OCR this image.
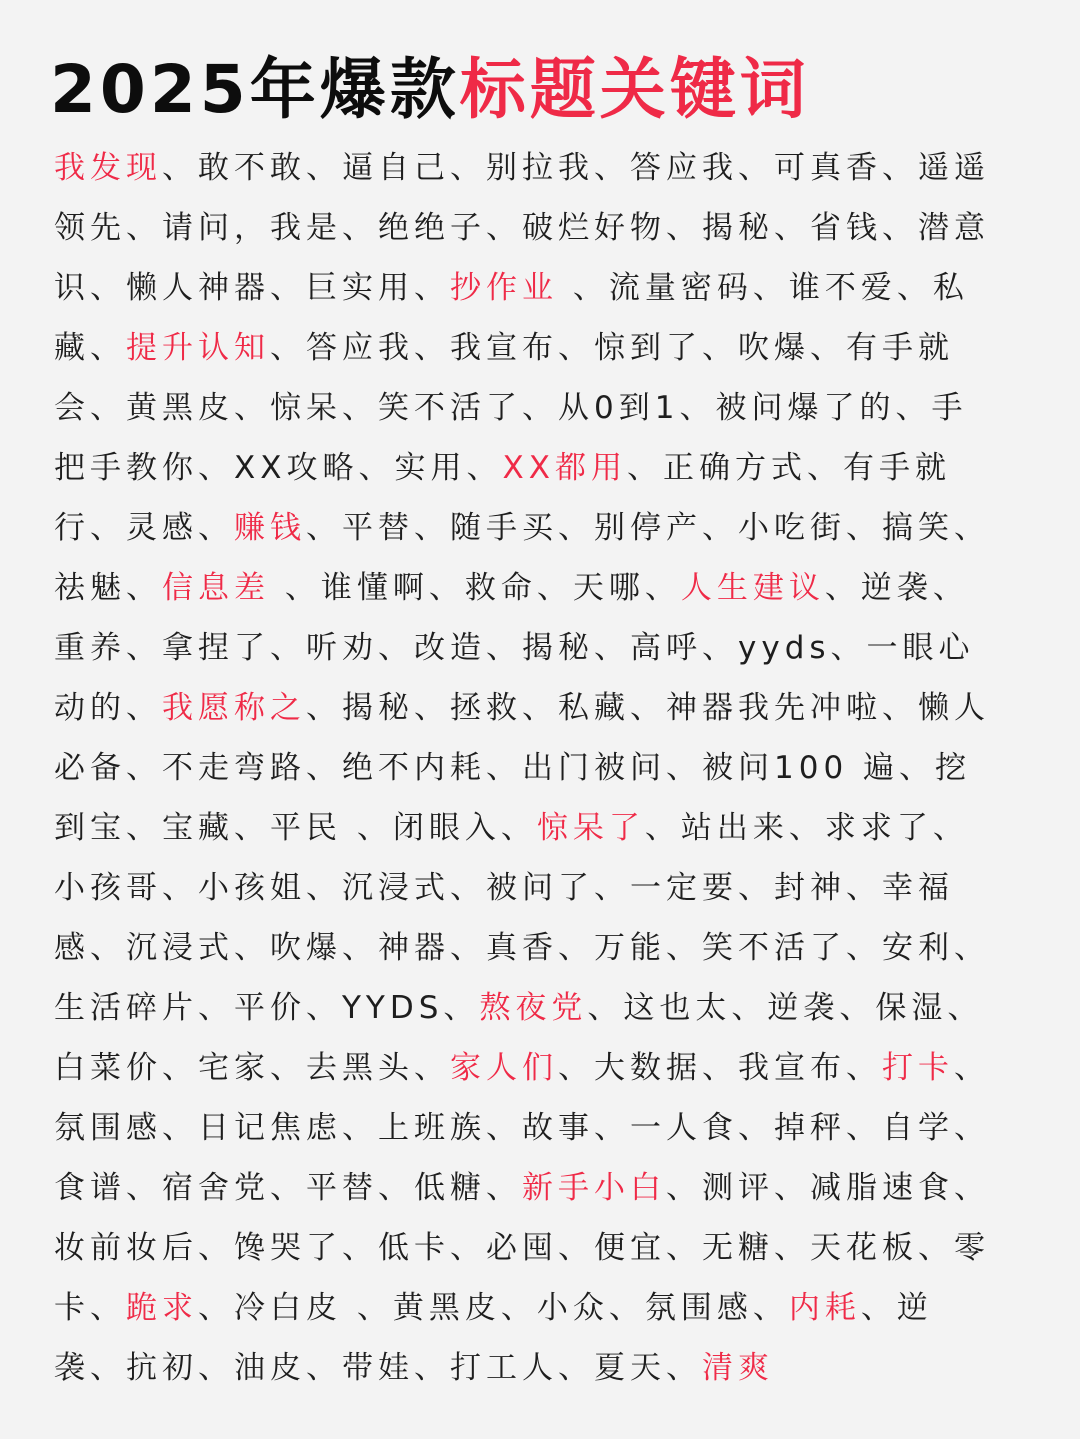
2025年爆款标题关键词
我发现、敢不敢、逼自己、别拉我、答应我、可真香、遥遥
领先、请问，我是、绝绝子、破烂好物、揭秘、省钱、潜意
识、懒人神器、巨实用、抄作业 、流量密码、谁不爱、私
藏、提升认知、答应我、我宣布、惊到了、吹爆、有手就
会、黄黑皮、惊呆、笑不活了、从0到1、被问爆了的、手
把手教你、XX攻略、实用、XX都用、正确方式、有手就
行、灵感、赚钱、平替、随手买、别停产、小吃街、搞笑、
祛魅、信息差 、谁懂啊、救命、天哪、人生建议、逆袭、
重养、拿捏了、听劝、改造、揭秘、高呼、yyds、一眼心
动的、我愿称之、揭秘、拯救、私藏、神器我先冲啦、懒人
必备、不走弯路、绝不内耗、出门被问、被问100 遍、挖
到宝、宝藏、平民 、闭眼入、惊呆了、站出来、求求了、
小孩哥、小孩姐、沉浸式、被问了、一定要、封神、幸福
感、沉浸式、吹爆、神器、真香、万能、笑不活了、安利、
生活碎片、平价、YYDS、熬夜党、这也太、逆袭、保湿、
白菜价、宅家、去黑头、家人们、大数据、我宣布、打卡、
氛围感、日记焦虑、上班族、故事、一人食、掉秤、自学、
食谱、宿舍党、平替、低糖、新手小白、测评、减脂速食、
妆前妆后、馋哭了、低卡、必囤、便宜、无糖、天花板、零
卡、跪求、冷白皮 、黄黑皮、小众、氛围感、内耗、逆
袭、抗初、油皮、带娃、打工人、夏天、清爽
